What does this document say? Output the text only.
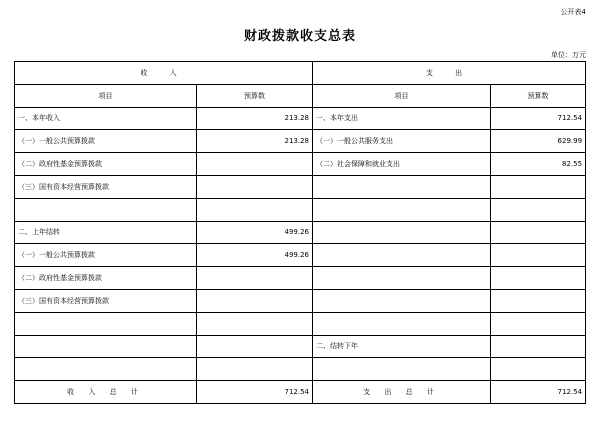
公开表4
财政拨款收支总表
单位：万元
收 入		支 出	
项目	预算数	项目	预算数
一、本年收入	213.28	一、本年支出	712.54
（一）一般公共预算拨款	213.28	（一）一般公共服务支出	629.99
（二）政府性基金预算拨款		（二）社会保障和就业支出	82.55
（三）国有资本经营预算拨款			

二、上年结转	499.26		
（一）一般公共预算拨款	499.26		
（二）政府性基金预算拨款			
（三）国有资本经营预算拨款			

		二、结转下年	

收 入 总 计	712.54	支 出 总 计	712.54
